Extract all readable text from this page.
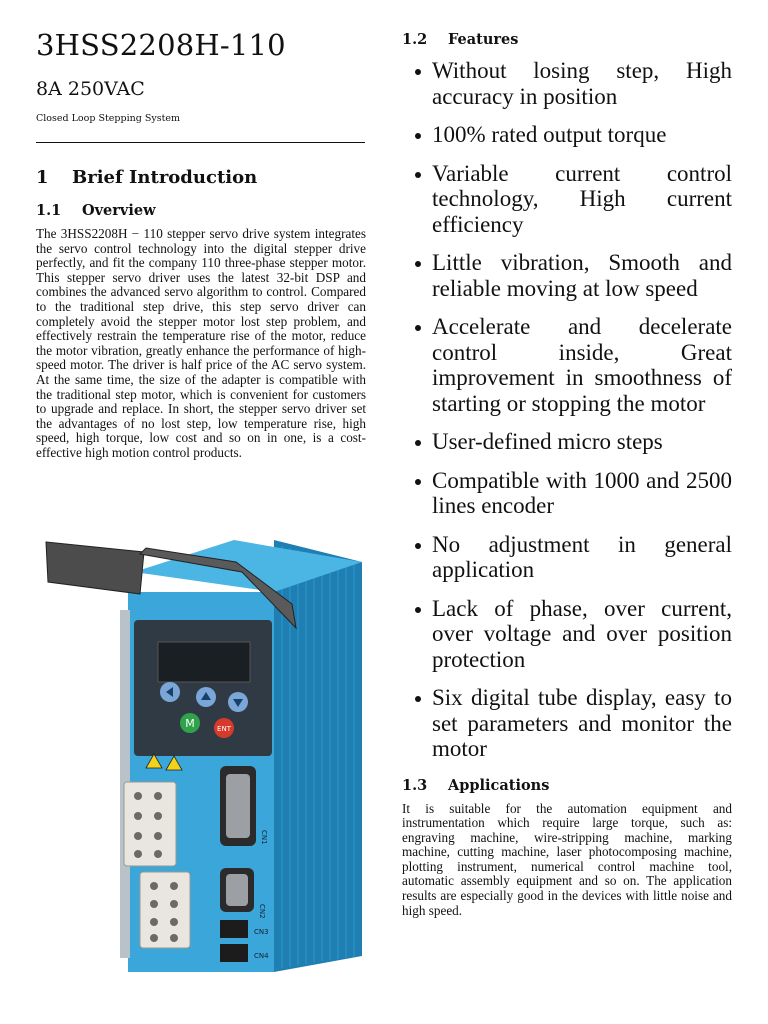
3HSS2208H-110
8A 250VAC
Closed Loop Stepping System
1 Brief Introduction
1.1 Overview

The 3HSS2208H − 110 stepper servo drive system integrates the servo control technology into the digital stepper drive perfectly, and fit the company 110 three-phase stepper motor. This stepper servo driver uses the latest 32-bit DSP and combines the advanced servo algorithm to control. Compared to the traditional step drive, this step servo driver can completely avoid the stepper motor lost step problem, and effectively restrain the temperature rise of the motor, reduce the motor vibration, greatly enhance the performance of high-speed motor. The driver is half price of the AC servo system. At the same time, the size of the adapter is compatible with the traditional step motor, which is convenient for customers to upgrade and replace. In short, the stepper servo driver set the advantages of no lost step, low temperature rise, high speed, high torque, low cost and so on in one, is a cost-effective high motion control products.

M	ENT
CN1
CN2
CN3
CN4
1.2 Features
Without losing step, High accuracy in position
100% rated output torque
Variable current control technology, High current efficiency
Little vibration, Smooth and reliable moving at low speed
Accelerate and decelerate control inside, Great improvement in smoothness of starting or stopping the motor
User-defined micro steps
Compatible with 1000 and 2500 lines encoder
No adjustment in general application
Lack of phase, over current, over voltage and over position protection
Six digital tube display, easy to set parameters and monitor the motor
1.3 Applications

It is suitable for the automation equipment and instrumentation which require large torque, such as: engraving machine, wire-stripping machine, marking machine, cutting machine, laser photocomposing machine, plotting instrument, numerical control machine tool, automatic assembly equipment and so on. The application results are especially good in the devices with little noise and high speed.
